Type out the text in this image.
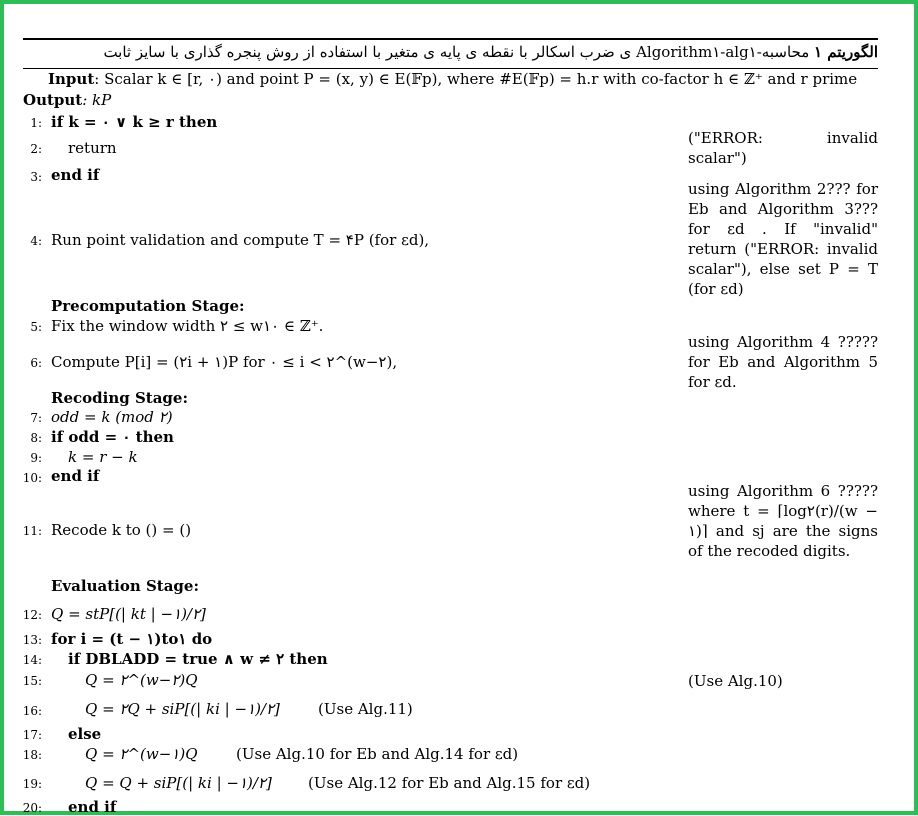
الگوریتم ۱ محاسبه-Algorithm۱-alg۱ ی ضرب اسکالر با نقطه ی پایه ی متغیر با استفاده از روش پنجره گذاری با سایز ثابت
Input: Scalar k ∈ [r, ۰) and point P = (x, y) ∈ E(𝔽p), where #E(𝔽p) = h.r with co-factor h ∈ ℤ⁺ and r prime
Output: kP
1:
2:
3:
4:
5:
6:
7:
8:
9:
10:
11:
12:
13:
14:
15:
16:
17:
18:
19:
20:
if k = ۰ ∨ k ≥ r then
return
end if
Run point validation and compute T = ۴P (for εd),
Precomputation Stage:
Fix the window width ۲ ≤ w۱۰ ∈ ℤ⁺.
Compute P[i] = (۲i + ۱)P for ۰ ≤ i < ۲^(w−۲),
Recoding Stage:
odd = k (mod ۲)
if odd = ۰ then
k = r − k
end if
Recode k to () = ()
Evaluation Stage:
Q = stP[(| kt | −۱)/۲]
for i = (t − ۱)to۱ do
if DBLADD = true ∧ w ≠ ۲ then
Q = ۲^(w−۲)Q
Q = ۲Q + siP[(| ki | −۱)/۲]	(Use Alg.11)
else
Q = ۲^(w−۱)Q	(Use Alg.10 for Eb and Alg.14 for εd)
Q = Q + siP[(| ki | −۱)/۲] (Use Alg.12 for Eb and Alg.15 for εd)
end if
("ERROR: invalid scalar")
using Algorithm 2??? for Eb and Algorithm 3??? for εd . If "invalid" return ("ERROR: invalid scalar"), else set P = T (for εd)
using Algorithm 4 ????? for Eb and Algorithm 5 for εd.
using Algorithm 6 ????? where t = ⌈log۲(r)/(w − ۱)⌉ and sj are the signs of the recoded digits.
(Use Alg.10)
